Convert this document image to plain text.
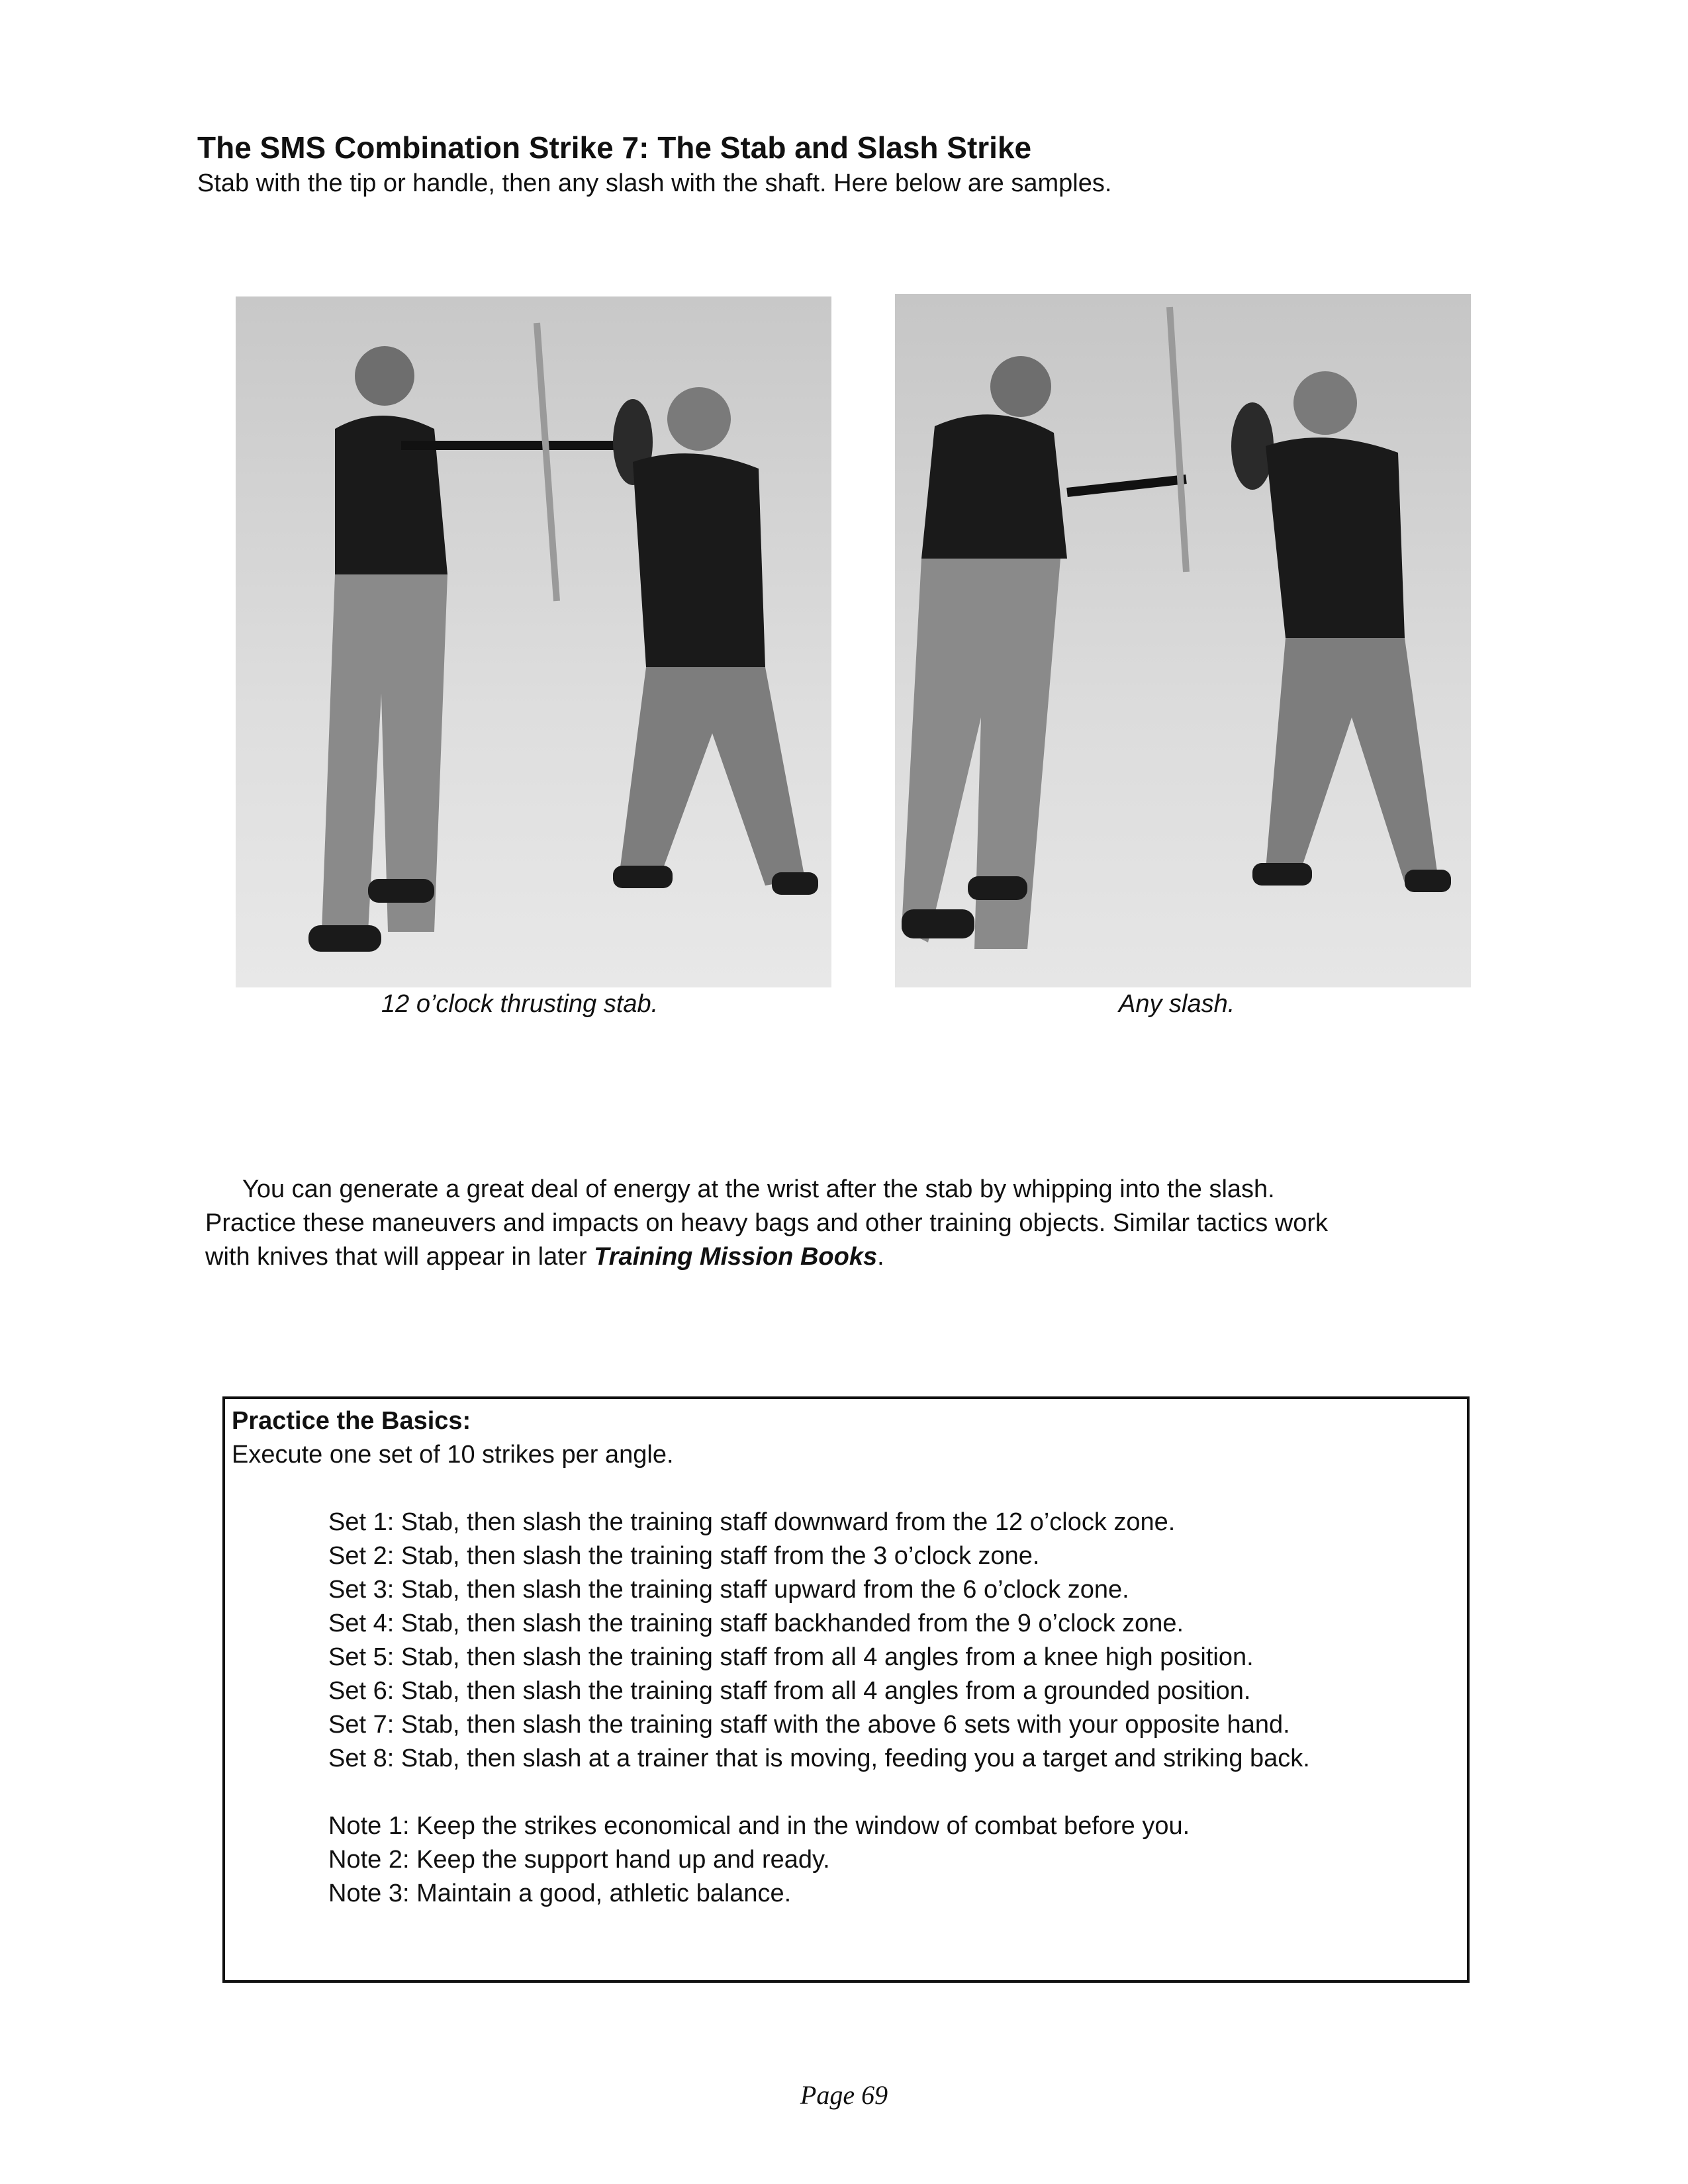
The SMS Combination Strike 7: The Stab and Slash Strike
Stab with the tip or handle, then any slash with the shaft. Here below are samples.
12 o’clock thrusting stab.	Any slash.

You can generate a great deal of energy at the wrist after the stab by whipping into the slash.

Practice these maneuvers and impacts on heavy bags and other training objects. Similar tactics work

with knives that will appear in later Training Mission Books.

Practice the Basics:
Execute one set of 10 strikes per angle.
Set 1: Stab, then slash the training staff downward from the 12 o’clock zone.
Set 2: Stab, then slash the training staff from the 3 o’clock zone.
Set 3: Stab, then slash the training staff upward from the 6 o’clock zone.
Set 4: Stab, then slash the training staff backhanded from the 9 o’clock zone.
Set 5: Stab, then slash the training staff from all 4 angles from a knee high position.
Set 6: Stab, then slash the training staff from all 4 angles from a grounded position.
Set 7: Stab, then slash the training staff with the above 6 sets with your opposite hand.
Set 8: Stab, then slash at a trainer that is moving, feeding you a target and striking back.
Note 1: Keep the strikes economical and in the window of combat before you.
Note 2: Keep the support hand up and ready.
Note 3: Maintain a good, athletic balance.
Page 69
